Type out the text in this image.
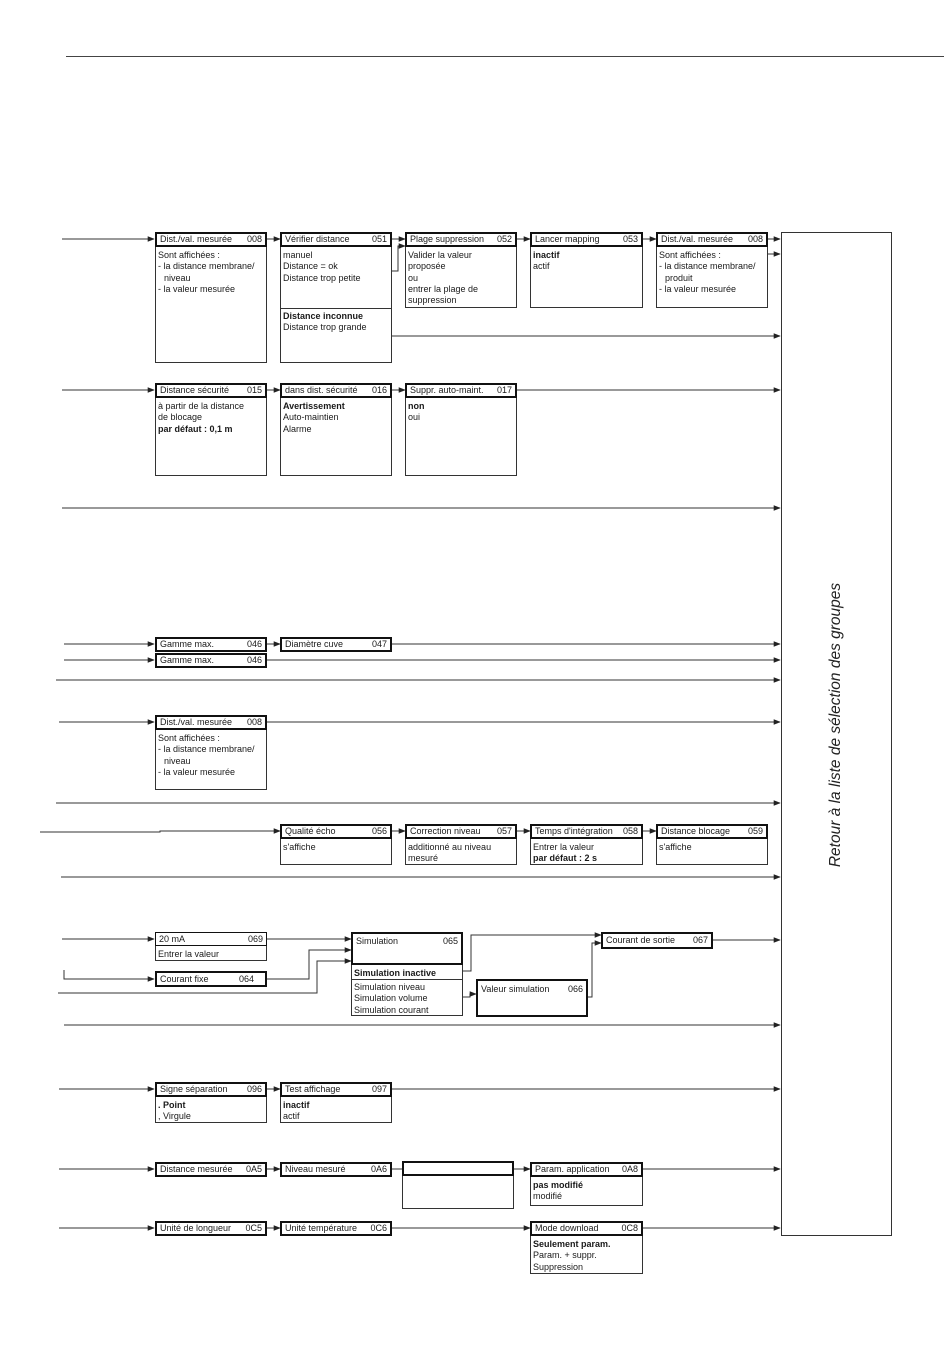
Retour à la liste de sélection des groupes
Dist./val. mesurée 008
Sont affichées :
- la distance membrane/
niveau
- la valeur mesurée
Vérifier distance 051
manuel
Distance = ok
Distance trop petite
Distance inconnue
Distance trop grande
Plage suppression 052
Valider la valeur
proposée
ou
entrer la plage de
suppression
Lancer mapping	053
inactif
actif
Dist./val. mesurée 008
Sont affichées :
- la distance membrane/
produit
- la valeur mesurée
Distance sécurité 015
à partir de la distance
de blocage
par défaut : 0,1 m
dans dist. sécurité 016
Avertissement
Auto-maintien
Alarme
Suppr. auto-maint. 017
non
oui
Gamme max.	046	Diamètre cuve	047
Gamme max.	046
Dist./val. mesurée 008
Sont affichées :
- la distance membrane/
niveau
- la valeur mesurée
Qualité écho	056
s'affiche
Correction niveau 057
additionné au niveau
mesuré
Temps d'intégration 058
Entrer la valeur
par défaut : 2 s
Distance blocage 059
s'affiche
20 mA	069
Entrer la valeur
Courant fixe	064
Simulation	065
Simulation inactive
Simulation niveau
Simulation volume
Simulation courant
Valeur simulation 066
Courant de sortie 067
Signe séparation 096
. Point
, Virgule
Test affichage	097
inactif
actif
Distance mesurée 0A5	Niveau mesuré	0A6	Param. application 0A8
pas modifié
modifié
Unité de longueur 0C5	Unité température 0C6	Mode download	0C8
Seulement param.
Param. + suppr.
Suppression
